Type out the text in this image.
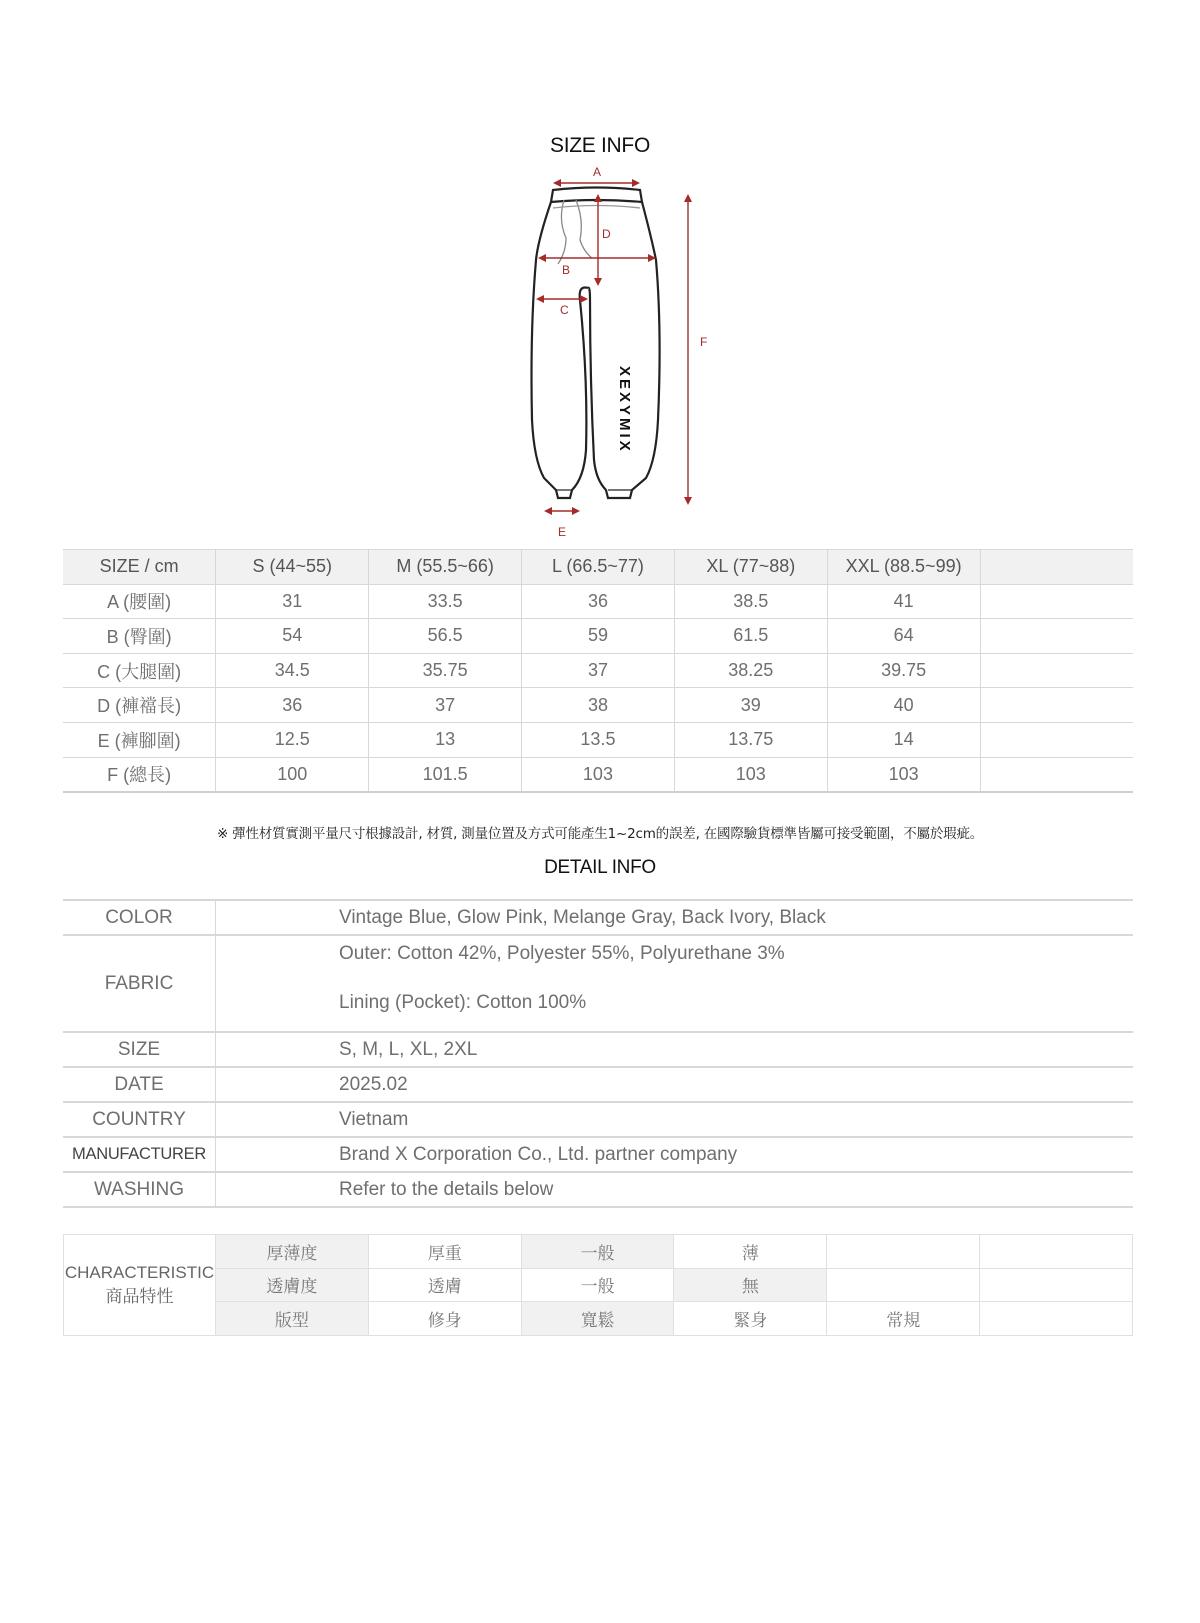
SIZE INFO
XEXYMIX
A
B
C
D
E
F
SIZE / cm	S (44~55)	M (55.5~66)	L (66.5~77)	XL (77~88)	XXL (88.5~99)	
A (腰圍)	31	33.5	36	38.5	41	
B (臀圍)	54	56.5	59	61.5	64	
C (大腿圍)	34.5	35.75	37	38.25	39.75	
D (褲襠長)	36	37	38	39	40	
E (褲腳圍)	12.5	13	13.5	13.75	14	
F (總長)	100	101.5	103	103	103	
※ 彈性材質實測平量尺寸根據設計, 材質, 測量位置及方式可能產生1~2cm的誤差, 在國際驗貨標準皆屬可接受範圍，不屬於瑕疵。
DETAIL INFO
COLOR	Vintage Blue, Glow Pink, Melange Gray, Back Ivory, Black
FABRIC	Outer: Cotton 42%, Polyester 55%, Polyurethane 3%
Lining (Pocket): Cotton 100%

SIZE	S, M, L, XL, 2XL
DATE	2025.02
COUNTRY	Vietnam
MANUFACTURER	Brand X Corporation Co., Ltd. partner company
WASHING	Refer to the details below
CHARACTERISTIC
商品特性	厚薄度	厚重	一般	薄		
	透膚度	透膚	一般	無		
	版型	修身	寬鬆	緊身	常規	
